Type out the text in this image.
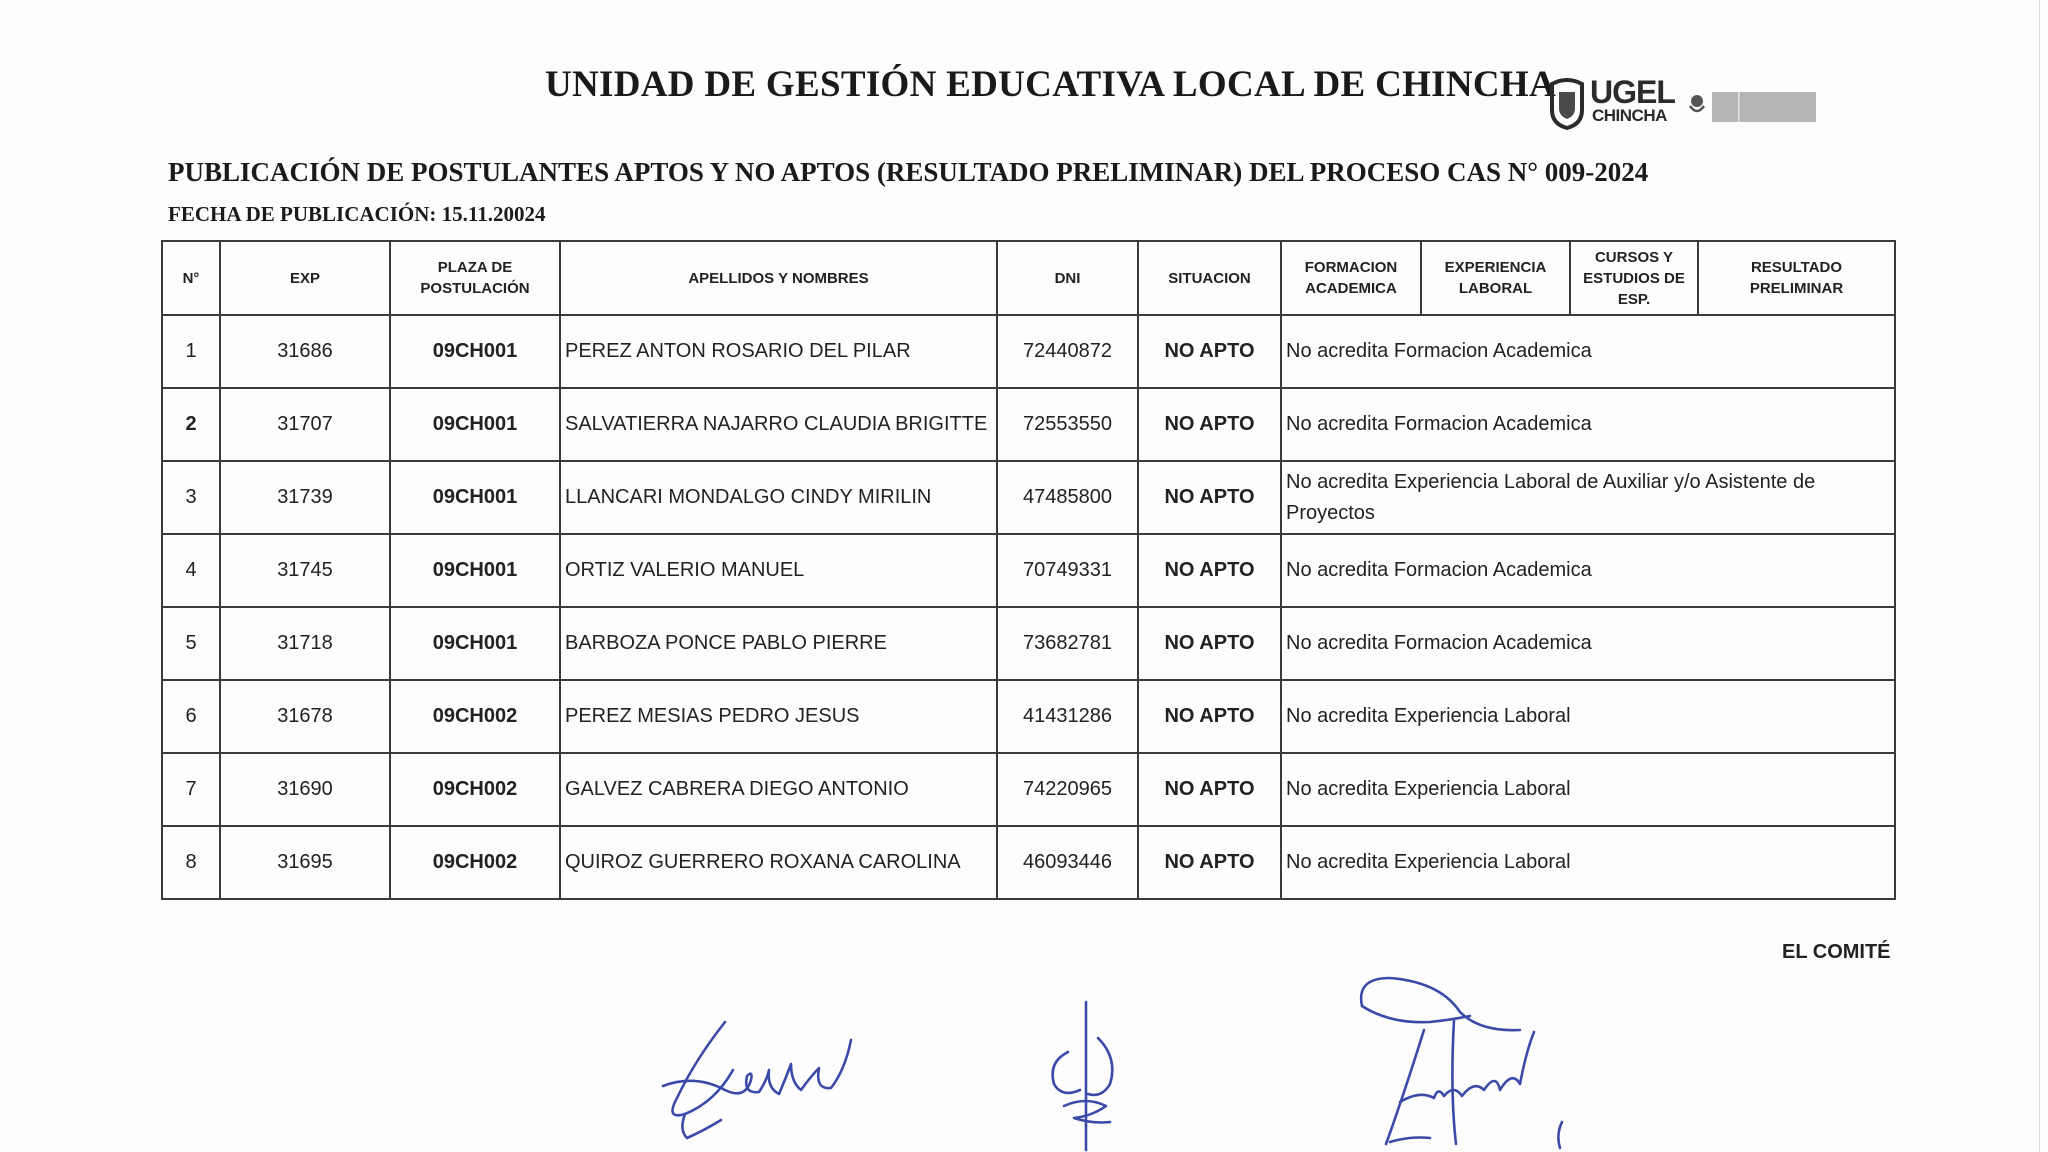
UNIDAD DE GESTIÓN EDUCATIVA LOCAL DE CHINCHA UGEL
CHINCHA
PUBLICACIÓN DE POSTULANTES APTOS Y NO APTOS (RESULTADO PRELIMINAR) DEL PROCESO CAS N° 009-2024
FECHA DE PUBLICACIÓN: 15.11.20024
N°	EXP	PLAZA DE POSTULACIÓN	APELLIDOS Y NOMBRES	DNI	SITUACION	FORMACION ACADEMICA	EXPERIENCIA LABORAL	CURSOS Y ESTUDIOS DE ESP.	RESULTADO PRELIMINAR
1	31686	09CH001	PEREZ ANTON ROSARIO DEL PILAR	72440872	NO APTO	No acredita Formacion Academica			
2	31707	09CH001	SALVATIERRA NAJARRO CLAUDIA BRIGITTE	72553550	NO APTO	No acredita Formacion Academica			
3	31739	09CH001	LLANCARI MONDALGO CINDY MIRILIN	47485800	NO APTO	No acredita Experiencia Laboral de Auxiliar y/o Asistente de Proyectos			
4	31745	09CH001	ORTIZ VALERIO MANUEL	70749331	NO APTO	No acredita Formacion Academica			
5	31718	09CH001	BARBOZA PONCE PABLO PIERRE	73682781	NO APTO	No acredita Formacion Academica			
6	31678	09CH002	PEREZ MESIAS PEDRO JESUS	41431286	NO APTO	No acredita Experiencia Laboral			
7	31690	09CH002	GALVEZ CABRERA DIEGO ANTONIO	74220965	NO APTO	No acredita Experiencia Laboral			
8	31695	09CH002	QUIROZ GUERRERO ROXANA CAROLINA	46093446	NO APTO	No acredita Experiencia Laboral			
EL COMITÉ
